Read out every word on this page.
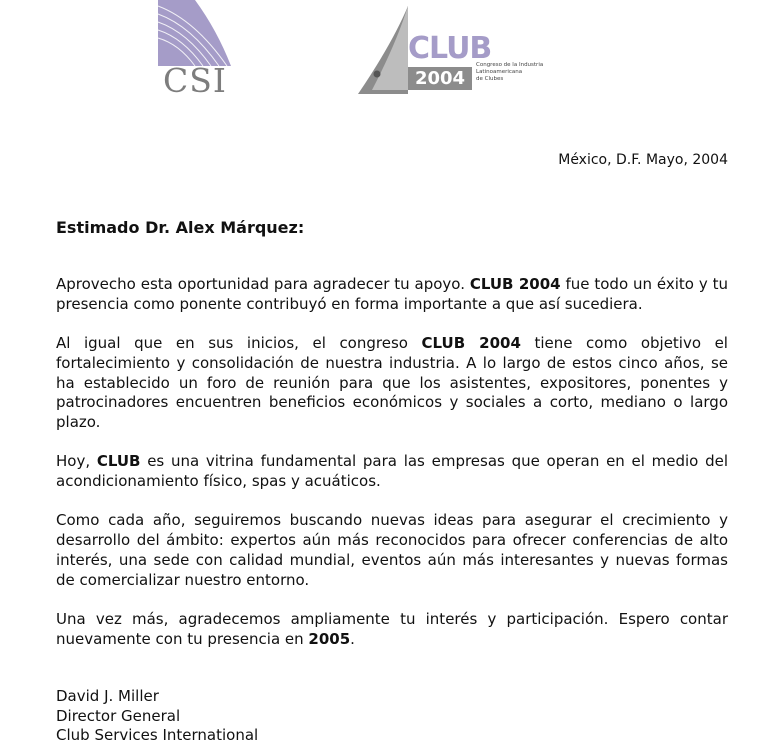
CSI
CLUB
2004
Congreso de la Industria
Latinoamericana
de Clubes
México, D.F. Mayo, 2004
Estimado Dr. Alex Márquez:

Aprovecho esta oportunidad para agradecer tu apoyo. CLUB 2004 fue todo un éxito y tu presencia como ponente contribuyó en forma importante a que así sucediera.

Al igual que en sus inicios, el congreso CLUB 2004 tiene como objetivo el fortalecimiento y consolidación de nuestra industria. A lo largo de estos cinco años, se ha establecido un foro de reunión para que los asistentes, expositores, ponentes y patrocinadores encuentren beneficios económicos y sociales a corto, mediano o largo plazo.

Hoy, CLUB es una vitrina fundamental para las empresas que operan en el medio del acondicionamiento físico, spas y acuáticos.

Como cada año, seguiremos buscando nuevas ideas para asegurar el crecimiento y desarrollo del ámbito: expertos aún más reconocidos para ofrecer conferencias de alto interés, una sede con calidad mundial, eventos aún más interesantes y nuevas formas de comercializar nuestro entorno.

Una vez más, agradecemos ampliamente tu interés y participación. Espero contar nuevamente con tu presencia en 2005.

David J. Miller
Director General
Club Services International
